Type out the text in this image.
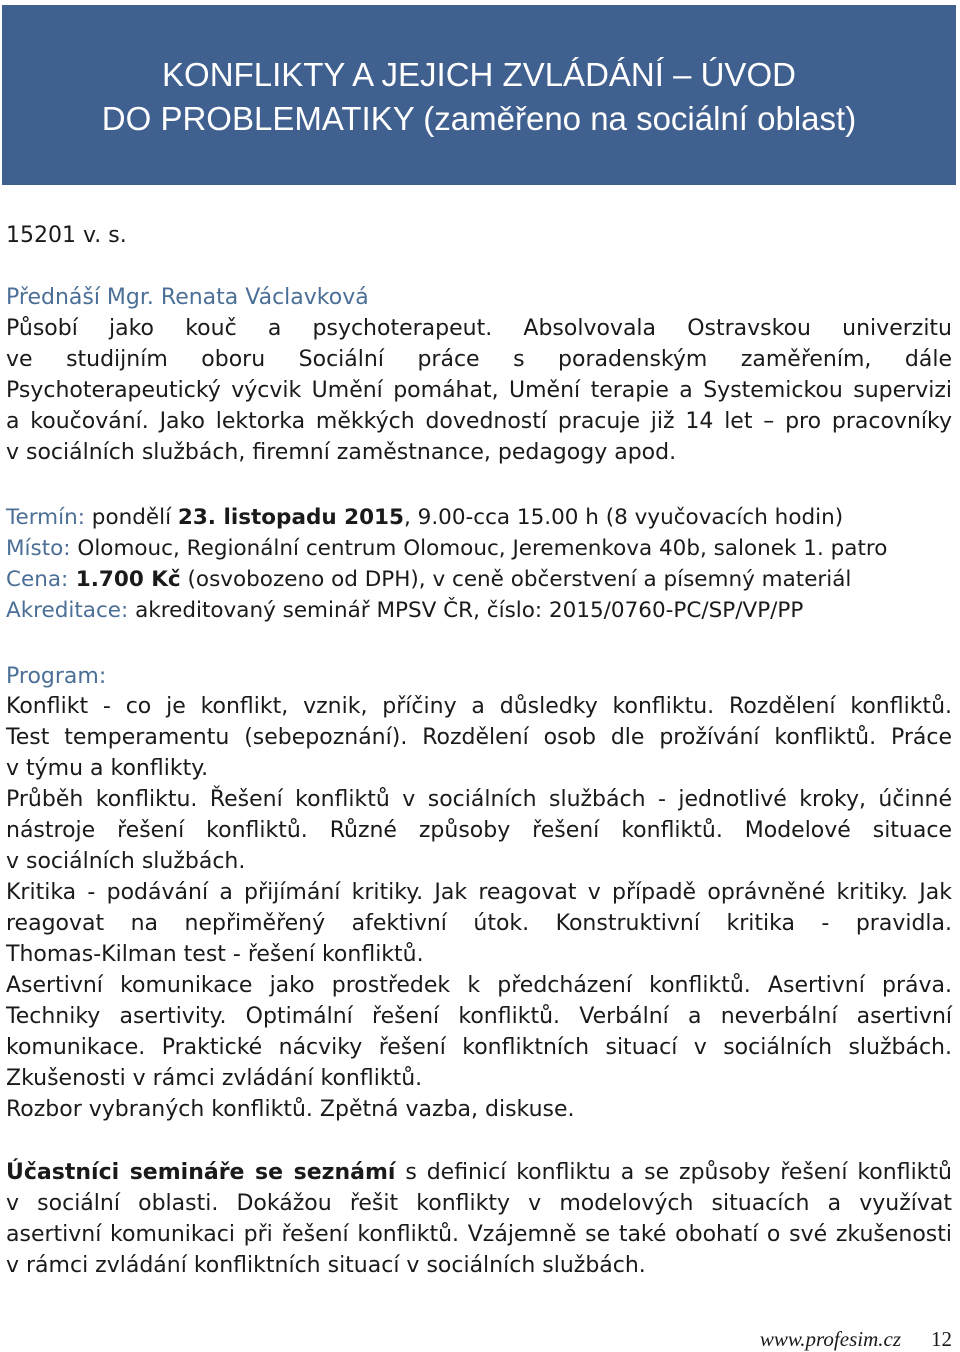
KONFLIKTY A JEJICH ZVLÁDÁNÍ – ÚVOD
DO PROBLEMATIKY (zaměřeno na sociální oblast)
15201 v. s.
Přednáší Mgr. Renata Václavková
Působí jako kouč a psychoterapeut. Absolvovala Ostravskou univerzitu
ve studijním oboru Sociální práce s poradenským zaměřením, dále
Psychoterapeutický výcvik Umění pomáhat, Umění terapie a Systemickou supervizi
a koučování. Jako lektorka měkkých dovedností pracuje již 14 let – pro pracovníky
v sociálních službách, firemní zaměstnance, pedagogy apod.
Termín: pondělí 23. listopadu 2015, 9.00-cca 15.00 h (8 vyučovacích hodin)
Místo: Olomouc, Regionální centrum Olomouc, Jeremenkova 40b, salonek 1. patro
Cena: 1.700 Kč (osvobozeno od DPH), v ceně občerstvení a písemný materiál
Akreditace: akreditovaný seminář MPSV ČR, číslo: 2015/0760-PC/SP/VP/PP
Program:
Konflikt - co je konflikt, vznik, příčiny a důsledky konfliktu. Rozdělení konfliktů.
Test temperamentu (sebepoznání). Rozdělení osob dle prožívání konfliktů. Práce
v týmu a konflikty.
Průběh konfliktu. Řešení konfliktů v sociálních službách - jednotlivé kroky, účinné
nástroje řešení konfliktů. Různé způsoby řešení konfliktů. Modelové situace
v sociálních službách.
Kritika - podávání a přijímání kritiky. Jak reagovat v případě oprávněné kritiky. Jak
reagovat na nepřiměřený afektivní útok. Konstruktivní kritika - pravidla.
Thomas-Kilman test - řešení konfliktů.
Asertivní komunikace jako prostředek k předcházení konfliktů. Asertivní práva.
Techniky asertivity. Optimální řešení konfliktů. Verbální a neverbální asertivní
komunikace. Praktické nácviky řešení konfliktních situací v sociálních službách.
Zkušenosti v rámci zvládání konfliktů.
Rozbor vybraných konfliktů. Zpětná vazba, diskuse.
Účastníci semináře se seznámí s definicí konfliktu a se způsoby řešení konfliktů
v sociální oblasti. Dokážou řešit konflikty v modelových situacích a využívat
asertivní komunikaci při řešení konfliktů. Vzájemně se také obohatí o své zkušenosti
v rámci zvládání konfliktních situací v sociálních službách.
www.profesim.cz 12
